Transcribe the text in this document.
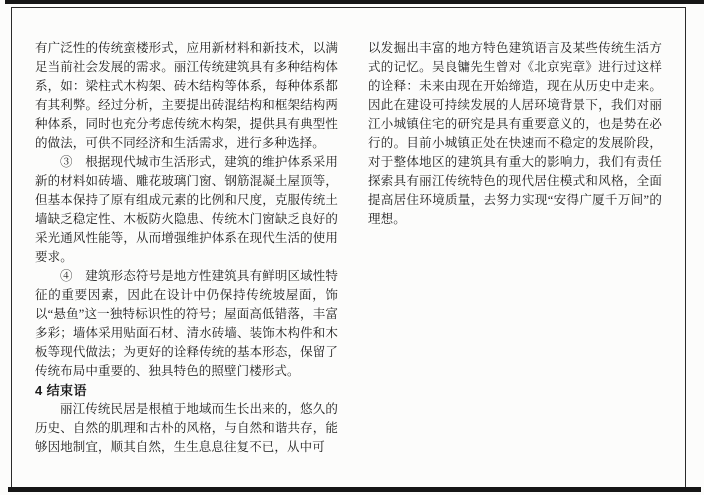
有广泛性的传统蛮楼形式，应用新材料和新技术，以满足当前社会发展的需求。丽江传统建筑具有多种结构体系，如：梁柱式木构架、砖木结构等体系，每种体系都有其利弊。经过分析，主要提出砖混结构和框架结构两种体系，同时也充分考虑传统木构架，提供具有典型性的做法，可供不同经济和生活需求，进行多种选择。

③　根据现代城市生活形式，建筑的维护体系采用新的材料如砖墙、雕花玻璃门窗、钢筋混凝土屋顶等，但基本保持了原有组成元素的比例和尺度，克服传统土墙缺乏稳定性、木板防火隐患、传统木门窗缺乏良好的采光通风性能等，从而增强维护体系在现代生活的使用要求。

④　建筑形态符号是地方性建筑具有鲜明区域性特征的重要因素，因此在设计中仍保持传统坡屋面，饰以“悬鱼”这一独特标识性的符号；屋面高低错落，丰富多彩；墙体采用贴面石材、清水砖墙、装饰木构件和木板等现代做法；为更好的诠释传统的基本形态，保留了传统布局中重要的、独具特色的照壁门楼形式。

4 结束语

丽江传统民居是根植于地域而生长出来的，悠久的历史、自然的肌理和古朴的风格，与自然和谐共存，能够因地制宜，顺其自然，生生息息往复不已，从中可

以发掘出丰富的地方特色建筑语言及某些传统生活方式的记忆。吴良镛先生曾对《北京宪章》进行过这样的诠释：未来由现在开始缔造，现在从历史中走来。因此在建设可持续发展的人居环境背景下，我们对丽江小城镇住宅的研究是具有重要意义的，也是势在必行的。目前小城镇正处在快速而不稳定的发展阶段，对于整体地区的建筑具有重大的影响力，我们有责任探索具有丽江传统特色的现代居住模式和风格，全面提高居住环境质量，去努力实现“安得广厦千万间”的理想。
